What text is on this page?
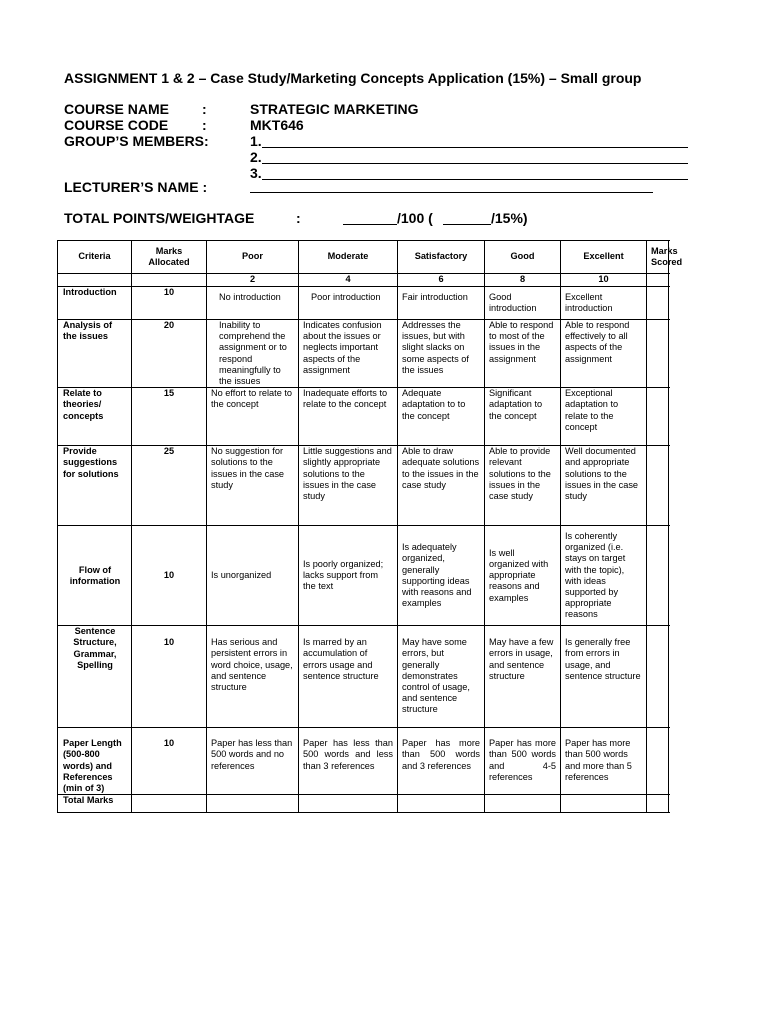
ASSIGNMENT 1 & 2 – Case Study/Marketing Concepts Application (15%) – Small group
COURSE NAME :	STRATEGIC MARKETING
COURSE CODE :	MKT646
GROUP’S MEMBERS:	1.
2.
3.
LECTURER’S NAME :
TOTAL POINTS/WEIGHTAGE	:	/100 (	/15%)
Criteria	Marks Allocated	Poor	Moderate	Satisfactory	Good	Excellent	Marks Scored
		2	4	6	8	10	
Introduction	10	No introduction	Poor introduction	Fair introduction	Good introduction	Excellent introduction	
Analysis of the issues	20	Inability to comprehend the assignment or to respond meaningfully to the issues	Indicates confusion about the issues or neglects important aspects of the assignment	Addresses the issues, but with slight slacks on some aspects of the issues	Able to respond to most of the issues in the assignment	Able to respond effectively to all aspects of the assignment	
Relate to theories/ concepts	15	No effort to relate to the concept	Inadequate efforts to relate to the concept	Adequate adaptation to to the concept	Significant adaptation to the concept	Exceptional adaptation to relate to the concept	
Provide suggestions for solutions	25	No suggestion for solutions to the issues in the case study	Little suggestions and slightly appropriate solutions to the issues in the case study	Able to draw adequate solutions to the issues in the case study	Able to provide relevant solutions to the issues in the case study	Well documented and appropriate solutions to the issues in the case study	
Flow of information	10	Is unorganized	Is poorly organized; lacks support from the text	Is adequately organized, generally supporting ideas with reasons and examples	Is well organized with appropriate reasons and examples	Is coherently organized (i.e. stays on target with the topic), with ideas supported by appropriate reasons	
Sentence Structure, Grammar, Spelling	10	Has serious and persistent errors in word choice, usage, and sentence structure	Is marred by an accumulation of errors usage and sentence structure	May have some errors, but generally demonstrates control of usage, and sentence structure	May have a few errors in usage, and sentence structure	Is generally free from errors in usage, and sentence structure	
Paper Length (500-800 words) and References (min of 3)	10	Paper has less than 500 words and no references	Paper has less than 500 words and less than 3 references	Paper has more than 500 words and 3 references	Paper has more than 500 words and 4-5 references	Paper has more than 500 words and more than 5 references	
Total Marks							
